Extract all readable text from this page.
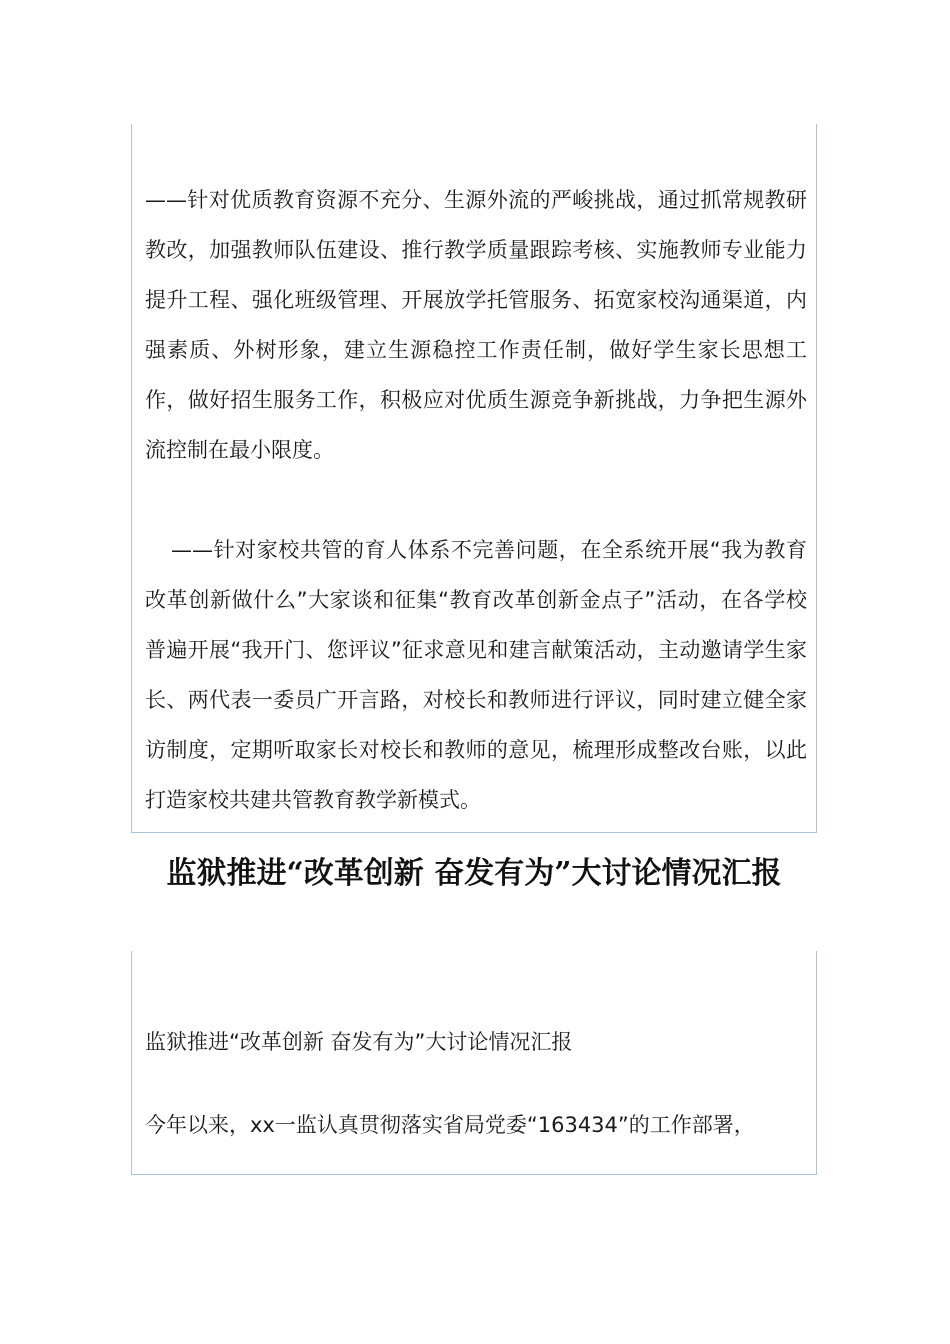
——针对优质教育资源不充分、生源外流的严峻挑战，通过抓常规教研教改，加强教师队伍建设、推行教学质量跟踪考核、实施教师专业能力提升工程、强化班级管理、开展放学托管服务、拓宽家校沟通渠道，内强素质、外树形象，建立生源稳控工作责任制，做好学生家长思想工作，做好招生服务工作，积极应对优质生源竞争新挑战，力争把生源外流控制在最小限度。

——针对家校共管的育人体系不完善问题，在全系统开展“我为教育改革创新做什么”大家谈和征集“教育改革创新金点子”活动，在各学校普遍开展“我开门、您评议”征求意见和建言献策活动，主动邀请学生家长、两代表一委员广开言路，对校长和教师进行评议，同时建立健全家访制度，定期听取家长对校长和教师的意见，梳理形成整改台账，以此打造家校共建共管教育教学新模式。

监狱推进“改革创新 奋发有为”大讨论情况汇报

监狱推进“改革创新 奋发有为”大讨论情况汇报

今年以来，xx一监认真贯彻落实省局党委“163434”的工作部署，
